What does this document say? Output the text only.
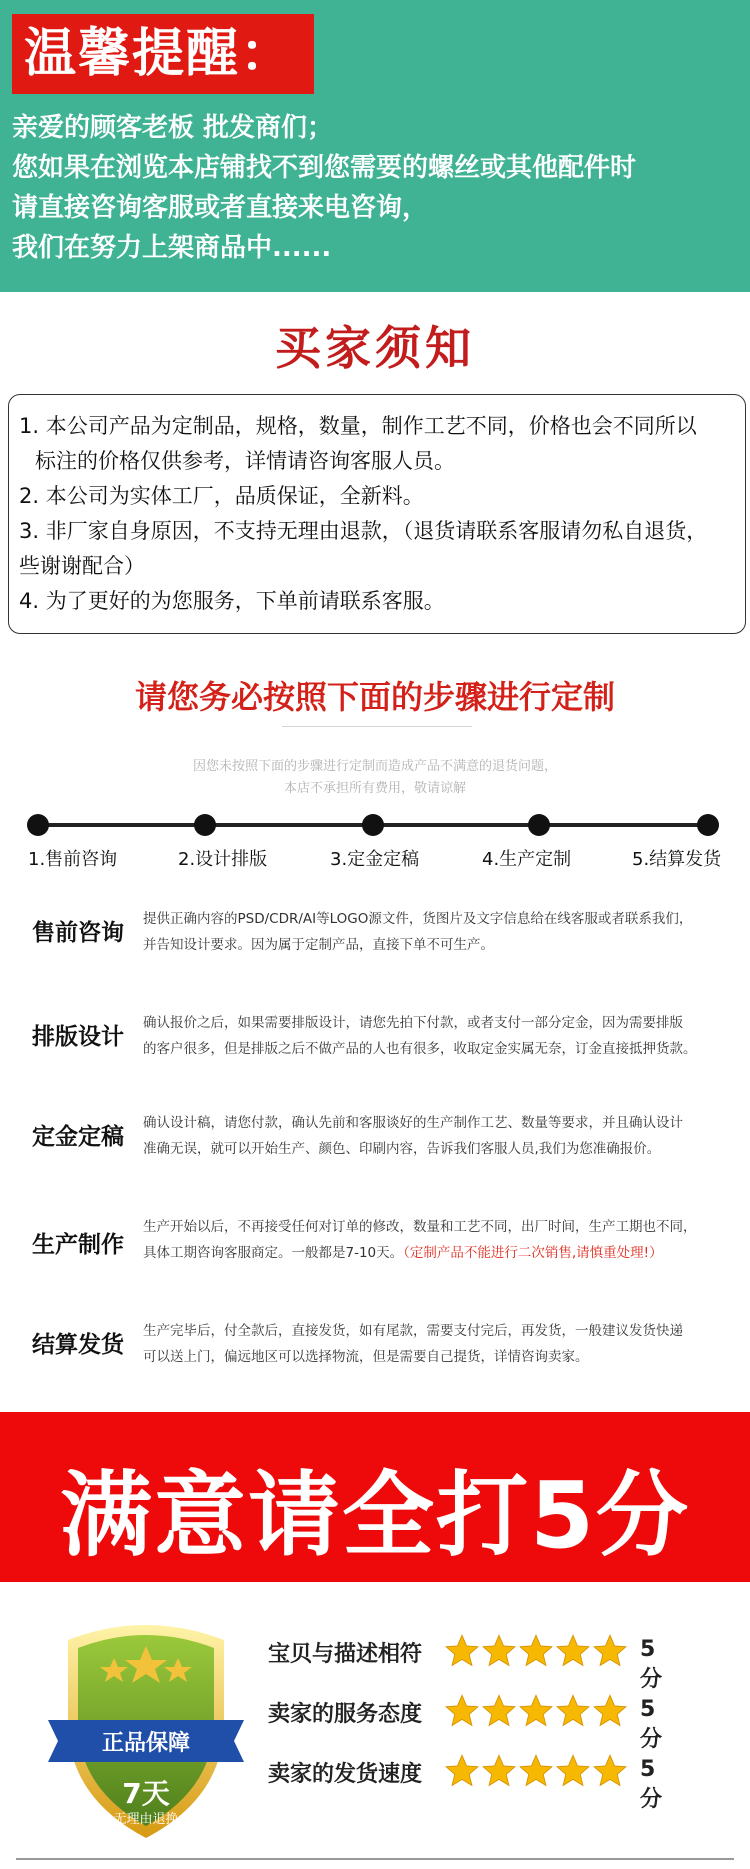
温馨提醒：
亲爱的顾客老板 批发商们；
您如果在浏览本店铺找不到您需要的螺丝或其他配件时
请直接咨询客服或者直接来电咨询，
我们在努力上架商品中......
买家须知
1. 本公司产品为定制品，规格，数量，制作工艺不同，价格也会不同所以
标注的价格仅供参考，详情请咨询客服人员。
2. 本公司为实体工厂，品质保证，全新料。
3. 非厂家自身原因，不支持无理由退款，（退货请联系客服请勿私自退货，
些谢谢配合）
4. 为了更好的为您服务，下单前请联系客服。
请您务必按照下面的步骤进行定制
因您未按照下面的步骤进行定制而造成产品不满意的退货问题，
本店不承担所有费用，敬请谅解
1.售前咨询	2.设计排版	3.定金定稿	4.生产定制	5.结算发货
售前咨询
提供正确内容的PSD/CDR/AI等LOGO源文件，货图片及文字信息给在线客服或者联系我们，
并告知设计要求。因为属于定制产品，直接下单不可生产。
排版设计
确认报价之后，如果需要排版设计，请您先拍下付款，或者支付一部分定金，因为需要排版
的客户很多，但是排版之后不做产品的人也有很多，收取定金实属无奈，订金直接抵押货款。
定金定稿
确认设计稿，请您付款，确认先前和客服谈好的生产制作工艺、数量等要求，并且确认设计
准确无误，就可以开始生产、颜色、印刷内容，告诉我们客服人员,我们为您准确报价。
生产制作
生产开始以后，不再接受任何对订单的修改，数量和工艺不同，出厂时间，生产工期也不同，
具体工期咨询客服商定。一般都是7-10天。（定制产品不能进行二次销售,请慎重处理!）
结算发货
生产完毕后，付全款后，直接发货，如有尾款，需要支付完后，再发货，一般建议发货快递
可以送上门，偏远地区可以选择物流，但是需要自己提货，详情咨询卖家。
满意请全打5分
正品保障
7天
无理由退换
宝贝与描述相符	5分
卖家的服务态度	5分
卖家的发货速度	5分
